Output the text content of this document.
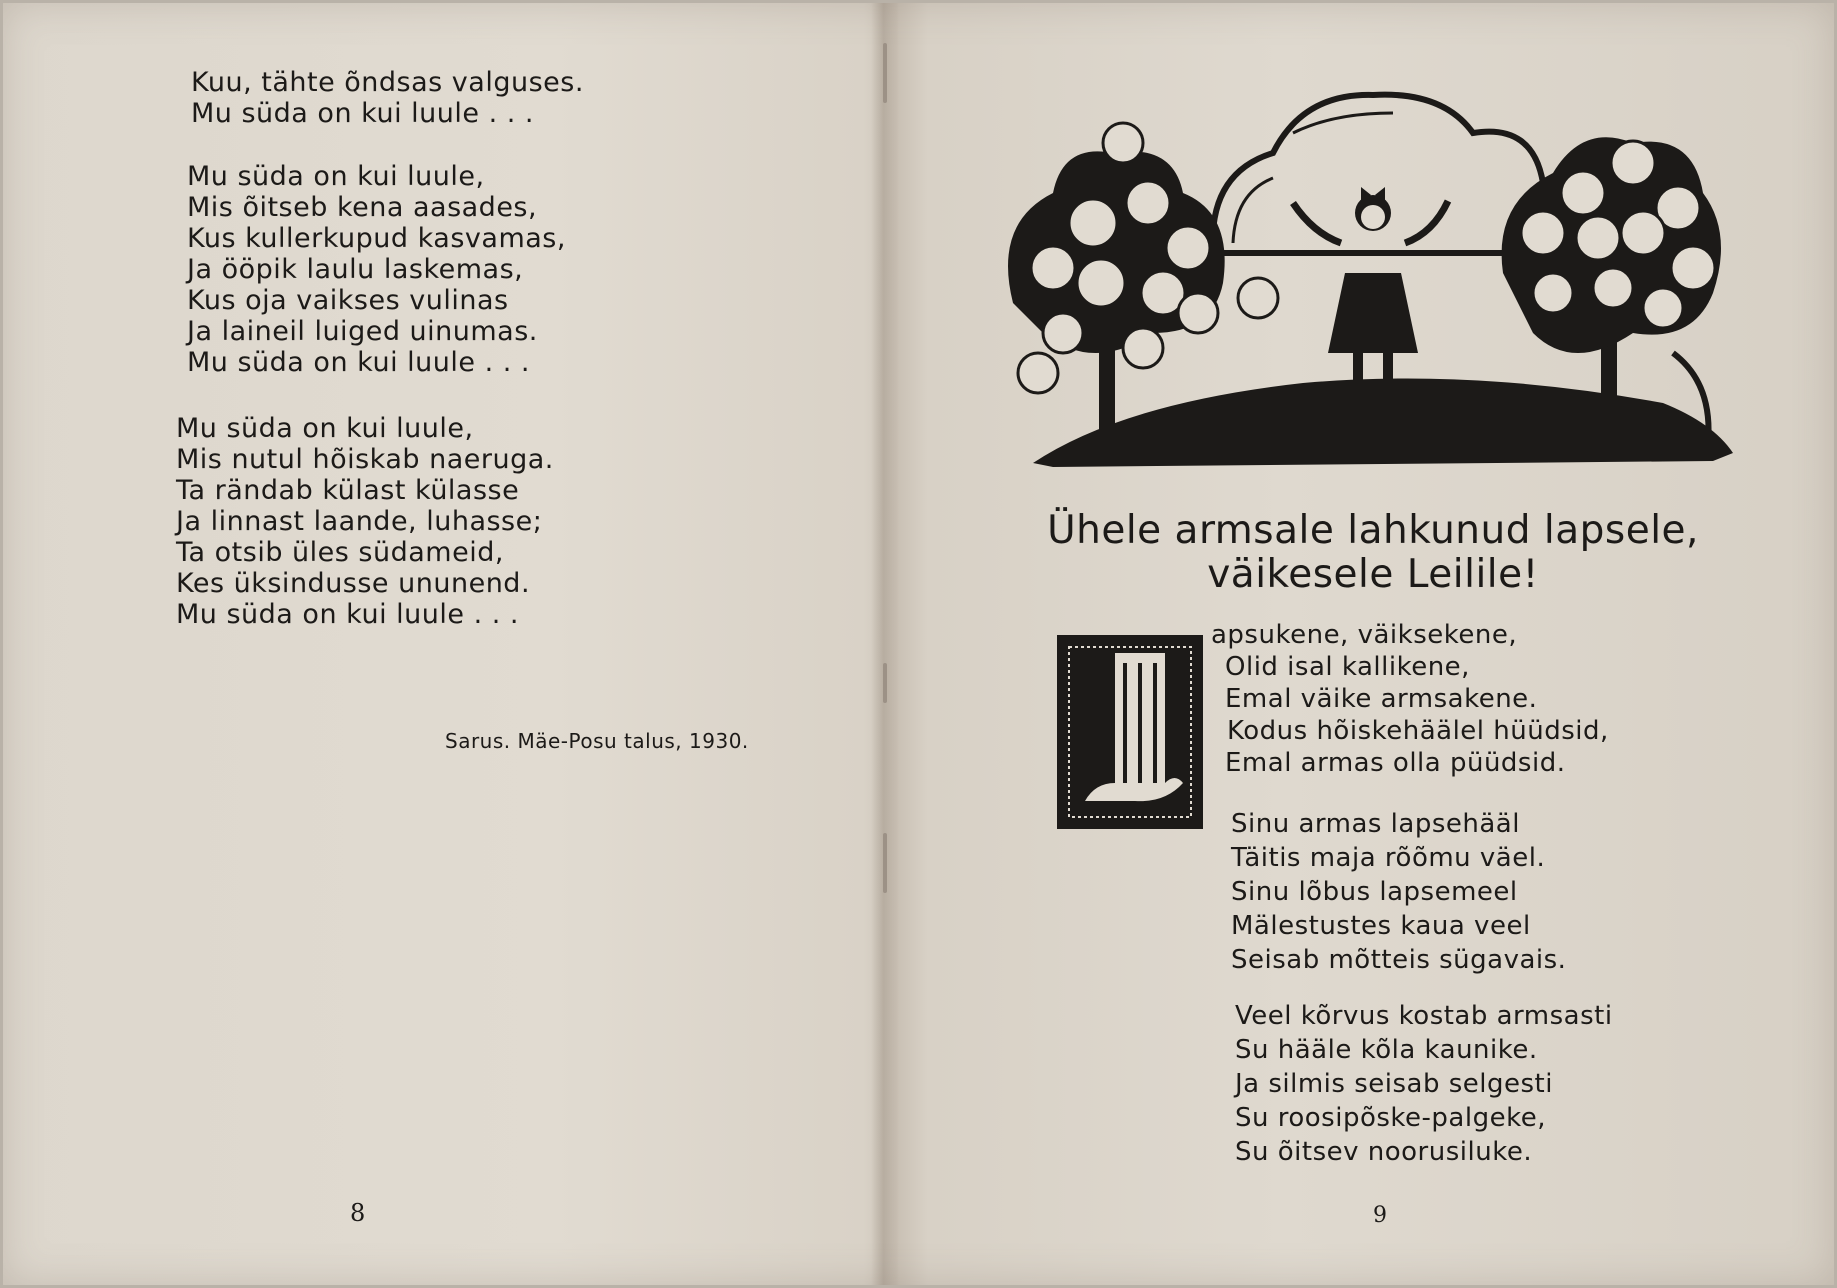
Kuu, tähte õndsas valguses.
Mu süda on kui luule . . .
Mu süda on kui luule,
Mis õitseb kena aasades,
Kus kullerkupud kasvamas,
Ja ööpik laulu laskemas,
Kus oja vaikses vulinas
Ja laineil luiged uinumas.
Mu süda on kui luule . . .
Mu süda on kui luule,
Mis nutul hõiskab naeruga.
Ta rändab külast külasse
Ja linnast laande, luhasse;
Ta otsib üles südameid,
Kes üksindusse ununend.
Mu süda on kui luule . . .
Sarus. Mäe-Posu talus, 1930.
8
Ühele armsale lahkunud lapsele,
väikesele Leilile!
L
apsukene, väiksekene,
Olid isal kallikene,
Emal väike armsakene.
Kodus hõiskehäälel hüüdsid,
Emal armas olla püüdsid.
Sinu armas lapsehääl
Täitis maja rõõmu väel.
Sinu lõbus lapsemeel
Mälestustes kaua veel
Seisab mõtteis sügavais.
Veel kõrvus kostab armsasti
Su hääle kõla kaunike.
Ja silmis seisab selgesti
Su roosipõske-palgeke,
Su õitsev noorusiluke.
9
